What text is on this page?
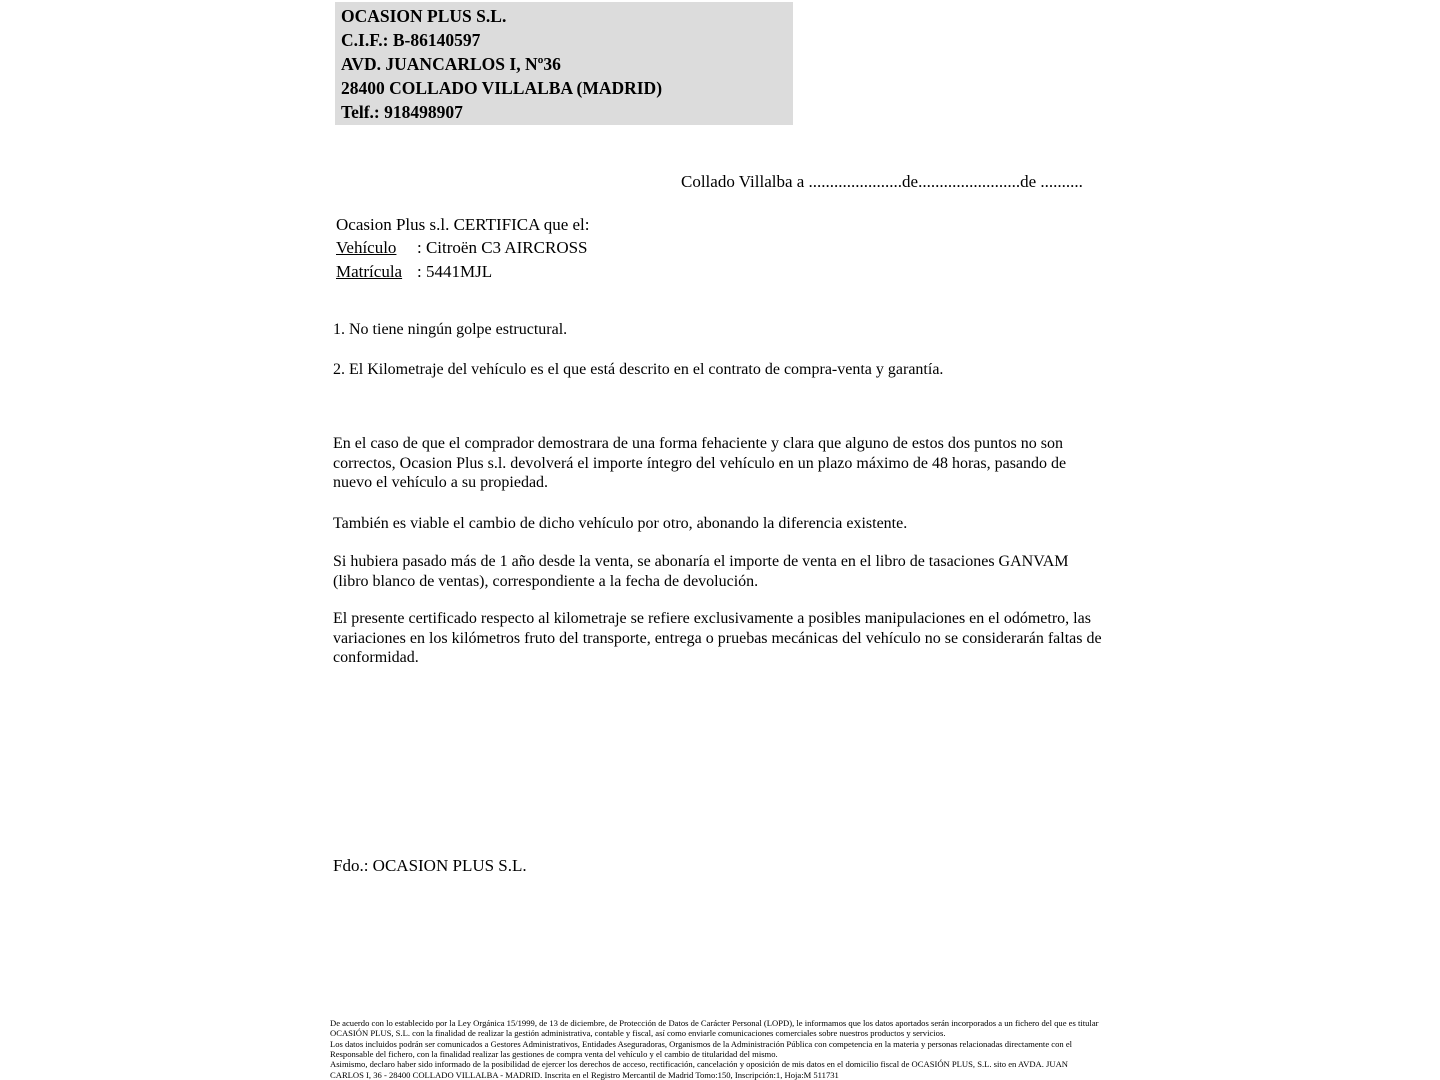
OCASION PLUS S.L.
C.I.F.: B-86140597
AVD. JUANCARLOS I, Nº36
28400 COLLADO VILLALBA (MADRID)
Telf.: 918498907
Collado Villalba a ......................de........................de ..........
Ocasion Plus s.l. CERTIFICA que el:
Vehículo : Citroën C3 AIRCROSS
Matrícula : 5441MJL
1. No tiene ningún golpe estructural.
2. El Kilometraje del vehículo es el que está descrito en el contrato de compra-venta y garantía.
En el caso de que el comprador demostrara de una forma fehaciente y clara que alguno de estos dos puntos no son correctos, Ocasion Plus s.l. devolverá el importe íntegro del vehículo en un plazo máximo de 48 horas, pasando de nuevo el vehículo a su propiedad.
También es viable el cambio de dicho vehículo por otro, abonando la diferencia existente.
Si hubiera pasado más de 1 año desde la venta, se abonaría el importe de venta en el libro de tasaciones GANVAM (libro blanco de ventas), correspondiente a la fecha de devolución.
El presente certificado respecto al kilometraje se refiere exclusivamente a posibles manipulaciones en el odómetro, las variaciones en los kilómetros fruto del transporte, entrega o pruebas mecánicas del vehículo no se considerarán faltas de conformidad.
Fdo.: OCASION PLUS S.L.
De acuerdo con lo establecido por la Ley Orgánica 15/1999, de 13 de diciembre, de Protección de Datos de Carácter Personal (LOPD), le informamos que los datos aportados serán incorporados a un fichero del que es titular
OCASIÓN PLUS, S.L. con la finalidad de realizar la gestión administrativa, contable y fiscal, así como enviarle comunicaciones comerciales sobre nuestros productos y servicios.
Los datos incluidos podrán ser comunicados a Gestores Administrativos, Entidades Aseguradoras, Organismos de la Administración Pública con competencia en la materia y personas relacionadas directamente con el
Responsable del fichero, con la finalidad realizar las gestiones de compra venta del vehículo y el cambio de titularidad del mismo.
Asimismo, declaro haber sido informado de la posibilidad de ejercer los derechos de acceso, rectificación, cancelación y oposición de mis datos en el domicilio fiscal de OCASIÓN PLUS, S.L. sito en AVDA. JUAN
CARLOS I, 36 - 28400 COLLADO VILLALBA - MADRID. Inscrita en el Registro Mercantil de Madrid Tomo:150, Inscripción:1, Hoja:M 511731
